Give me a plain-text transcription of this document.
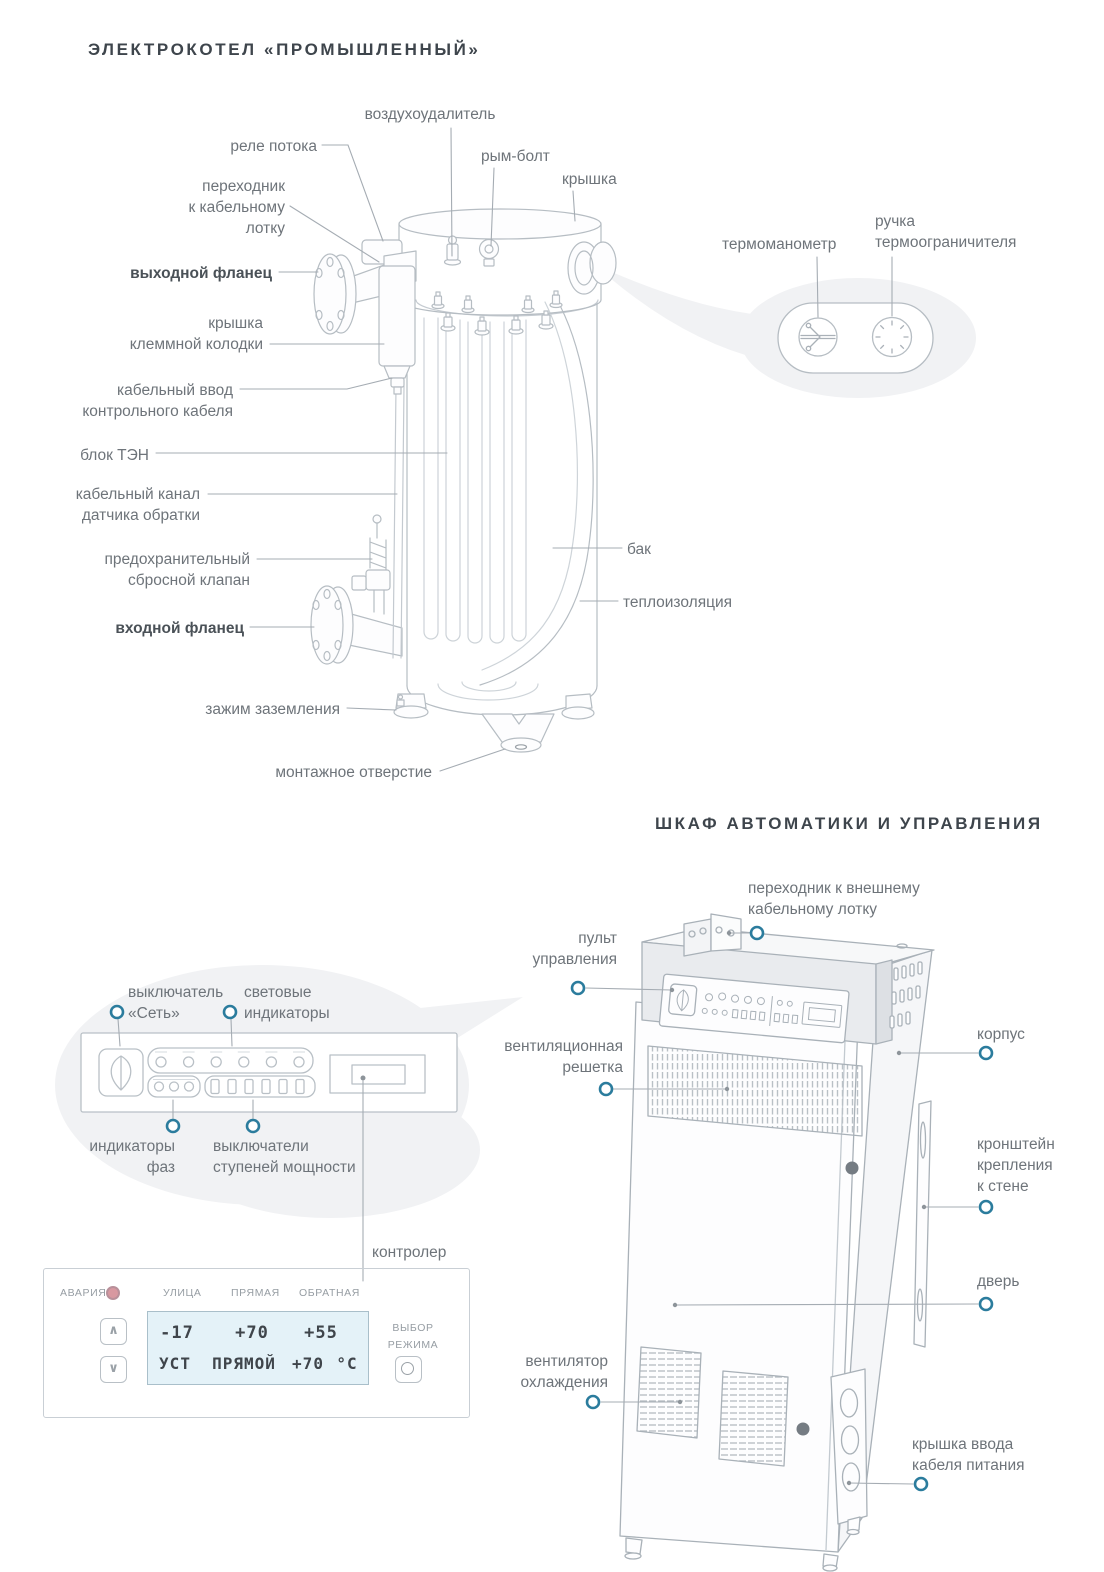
ЭЛЕКТРОКОТЕЛ «ПРОМЫШЛЕННЫЙ»
ШКАФ АВТОМАТИКИ И УПРАВЛЕНИЯ
воздухоудалитель
реле потока
переходник
к кабельному
лотку
выходной фланец
крышка
клеммной колодки
кабельный ввод
контрольного кабеля
блок ТЭН
кабельный канал
датчика обратки
предохранительный
сбросной клапан
входной фланец
зажим заземления
монтажное отверстие
рым-болт
крышка
термоманометр
ручка
термоограничителя
бак
теплоизоляция
переходник к внешнему
кабельному лотку
пульт
управления
вентиляционная
решетка
корпус
кронштейн
крепления
к стене
дверь
вентилятор
охлаждения
крышка ввода
кабеля питания
выключатель
«Сеть»
световые
индикаторы
индикаторы
фаз
выключатели
ступеней мощности
контролер
АВАРИЯ	УЛИЦА	ПРЯМАЯ ОБРАТНАЯ
∧
∨
-17	+70	+55
УСТ	ПРЯМОЙ	+70 °C
ВЫБОР
РЕЖИМА
